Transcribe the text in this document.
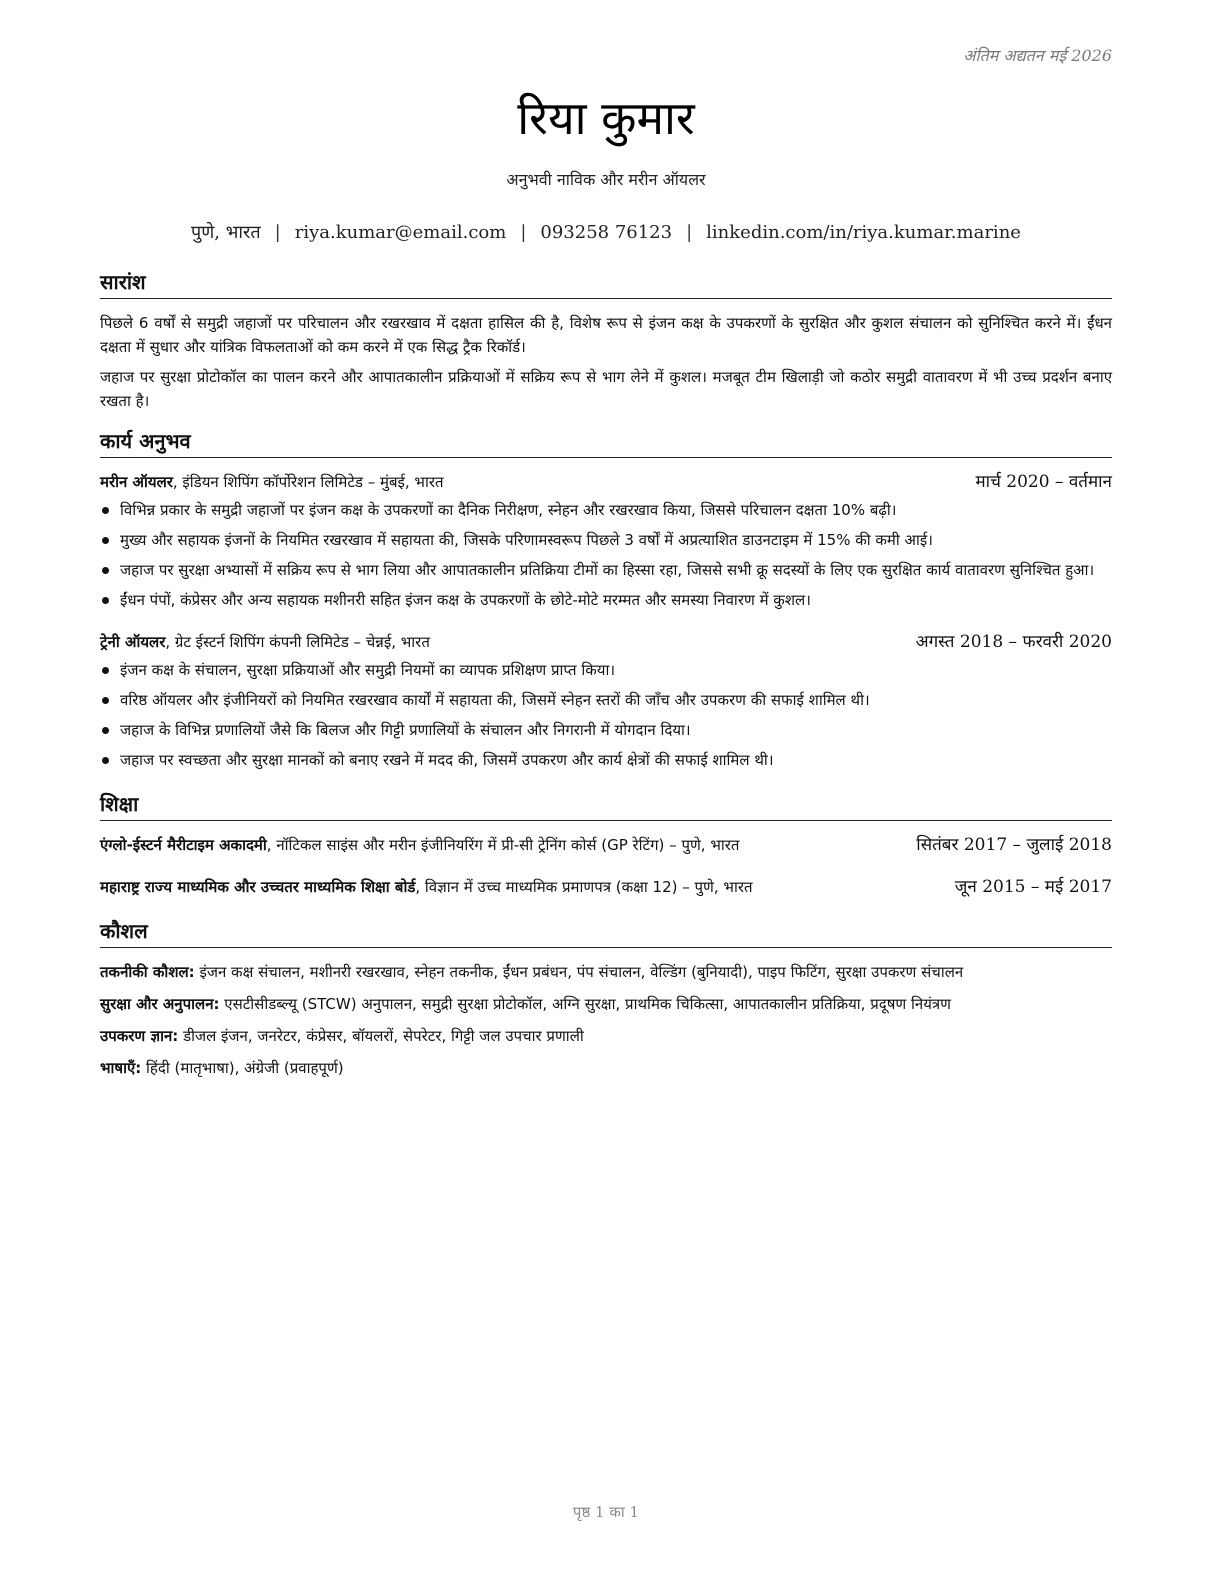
अंतिम अद्यतन मई 2026
रिया कुमार
अनुभवी नाविक और मरीन ऑयलर
पुणे, भारत | riya.kumar@email.com | 093258 76123 | linkedin.com/in/riya.kumar.marine
सारांश

पिछले 6 वर्षों से समुद्री जहाजों पर परिचालन और रखरखाव में दक्षता हासिल की है, विशेष रूप से इंजन कक्ष के उपकरणों के सुरक्षित और कुशल संचालन को सुनिश्चित करने में। ईंधन दक्षता में सुधार और यांत्रिक विफलताओं को कम करने में एक सिद्ध ट्रैक रिकॉर्ड।

जहाज पर सुरक्षा प्रोटोकॉल का पालन करने और आपातकालीन प्रक्रियाओं में सक्रिय रूप से भाग लेने में कुशल। मजबूत टीम खिलाड़ी जो कठोर समुद्री वातावरण में भी उच्च प्रदर्शन बनाए रखता है।

कार्य अनुभव
मरीन ऑयलर, इंडियन शिपिंग कॉर्पोरेशन लिमिटेड – मुंबई, भारत	मार्च 2020 – वर्तमान
विभिन्न प्रकार के समुद्री जहाजों पर इंजन कक्ष के उपकरणों का दैनिक निरीक्षण, स्नेहन और रखरखाव किया, जिससे परिचालन दक्षता 10% बढ़ी।
मुख्य और सहायक इंजनों के नियमित रखरखाव में सहायता की, जिसके परिणामस्वरूप पिछले 3 वर्षों में अप्रत्याशित डाउनटाइम में 15% की कमी आई।
जहाज पर सुरक्षा अभ्यासों में सक्रिय रूप से भाग लिया और आपातकालीन प्रतिक्रिया टीमों का हिस्सा रहा, जिससे सभी क्रू सदस्यों के लिए एक सुरक्षित कार्य वातावरण सुनिश्चित हुआ।
ईंधन पंपों, कंप्रेसर और अन्य सहायक मशीनरी सहित इंजन कक्ष के उपकरणों के छोटे-मोटे मरम्मत और समस्या निवारण में कुशल।
ट्रेनी ऑयलर, ग्रेट ईस्टर्न शिपिंग कंपनी लिमिटेड – चेन्नई, भारत	अगस्त 2018 – फरवरी 2020
इंजन कक्ष के संचालन, सुरक्षा प्रक्रियाओं और समुद्री नियमों का व्यापक प्रशिक्षण प्राप्त किया।
वरिष्ठ ऑयलर और इंजीनियरों को नियमित रखरखाव कार्यों में सहायता की, जिसमें स्नेहन स्तरों की जाँच और उपकरण की सफाई शामिल थी।
जहाज के विभिन्न प्रणालियों जैसे कि बिलज और गिट्टी प्रणालियों के संचालन और निगरानी में योगदान दिया।
जहाज पर स्वच्छता और सुरक्षा मानकों को बनाए रखने में मदद की, जिसमें उपकरण और कार्य क्षेत्रों की सफाई शामिल थी।
शिक्षा
एंग्लो-ईस्टर्न मैरीटाइम अकादमी, नॉटिकल साइंस और मरीन इंजीनियरिंग में प्री-सी ट्रेनिंग कोर्स (GP रेटिंग) – पुणे, भारत	सितंबर 2017 – जुलाई 2018
महाराष्ट्र राज्य माध्यमिक और उच्चतर माध्यमिक शिक्षा बोर्ड, विज्ञान में उच्च माध्यमिक प्रमाणपत्र (कक्षा 12) – पुणे, भारत	जून 2015 – मई 2017
कौशल

तकनीकी कौशल: इंजन कक्ष संचालन, मशीनरी रखरखाव, स्नेहन तकनीक, ईंधन प्रबंधन, पंप संचालन, वेल्डिंग (बुनियादी), पाइप फिटिंग, सुरक्षा उपकरण संचालन

सुरक्षा और अनुपालन: एसटीसीडब्ल्यू (STCW) अनुपालन, समुद्री सुरक्षा प्रोटोकॉल, अग्नि सुरक्षा, प्राथमिक चिकित्सा, आपातकालीन प्रतिक्रिया, प्रदूषण नियंत्रण

उपकरण ज्ञान: डीजल इंजन, जनरेटर, कंप्रेसर, बॉयलरों, सेपरेटर, गिट्टी जल उपचार प्रणाली

भाषाएँ: हिंदी (मातृभाषा), अंग्रेजी (प्रवाहपूर्ण)

पृष्ठ 1 का 1
